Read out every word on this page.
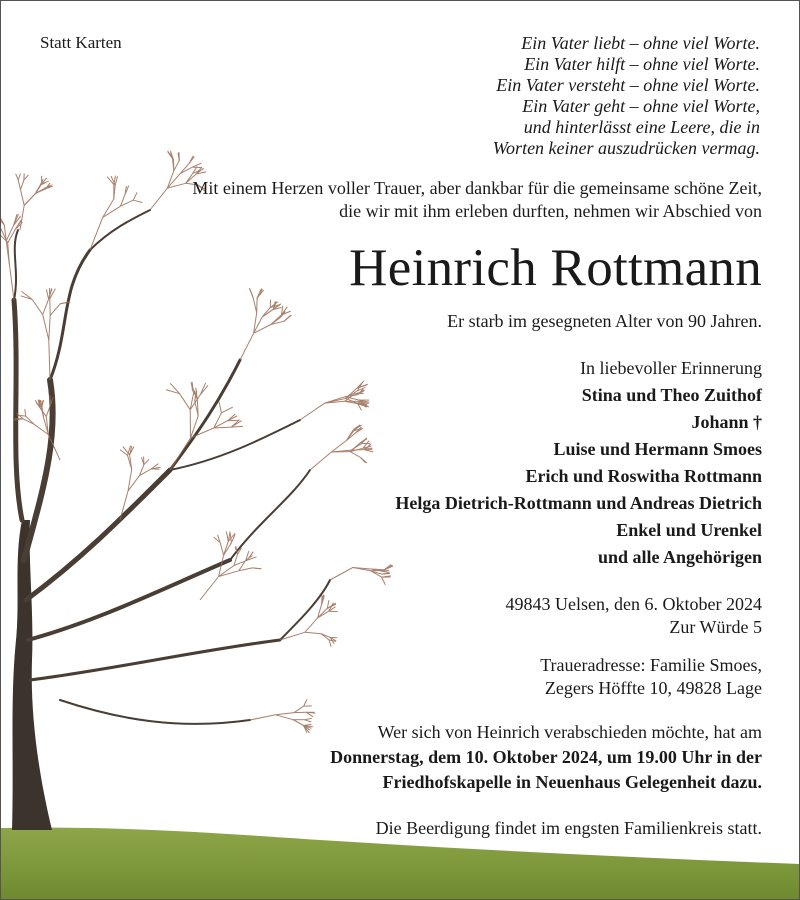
Statt Karten	Ein Vater liebt – ohne viel Worte.
Ein Vater hilft – ohne viel Worte.
Ein Vater versteht – ohne viel Worte.
Ein Vater geht – ohne viel Worte,
und hinterlässt eine Leere, die in
Worten keiner auszudrücken vermag.
Mit einem Herzen voller Trauer, aber dankbar für die gemeinsame schöne Zeit,
die wir mit ihm erleben durften, nehmen wir Abschied von
Heinrich Rottmann
Er starb im gesegneten Alter von 90 Jahren.
In liebevoller Erinnerung
Stina und Theo Zuithof
Johann †
Luise und Hermann Smoes
Erich und Roswitha Rottmann
Helga Dietrich-Rottmann und Andreas Dietrich
Enkel und Urenkel
und alle Angehörigen
49843 Uelsen, den 6. Oktober 2024
Zur Würde 5
Traueradresse: Familie Smoes,
Zegers Höffte 10, 49828 Lage
Wer sich von Heinrich verabschieden möchte, hat am
Donnerstag, dem 10. Oktober 2024, um 19.00 Uhr in der
Friedhofskapelle in Neuenhaus Gelegenheit dazu.
Die Beerdigung findet im engsten Familienkreis statt.
